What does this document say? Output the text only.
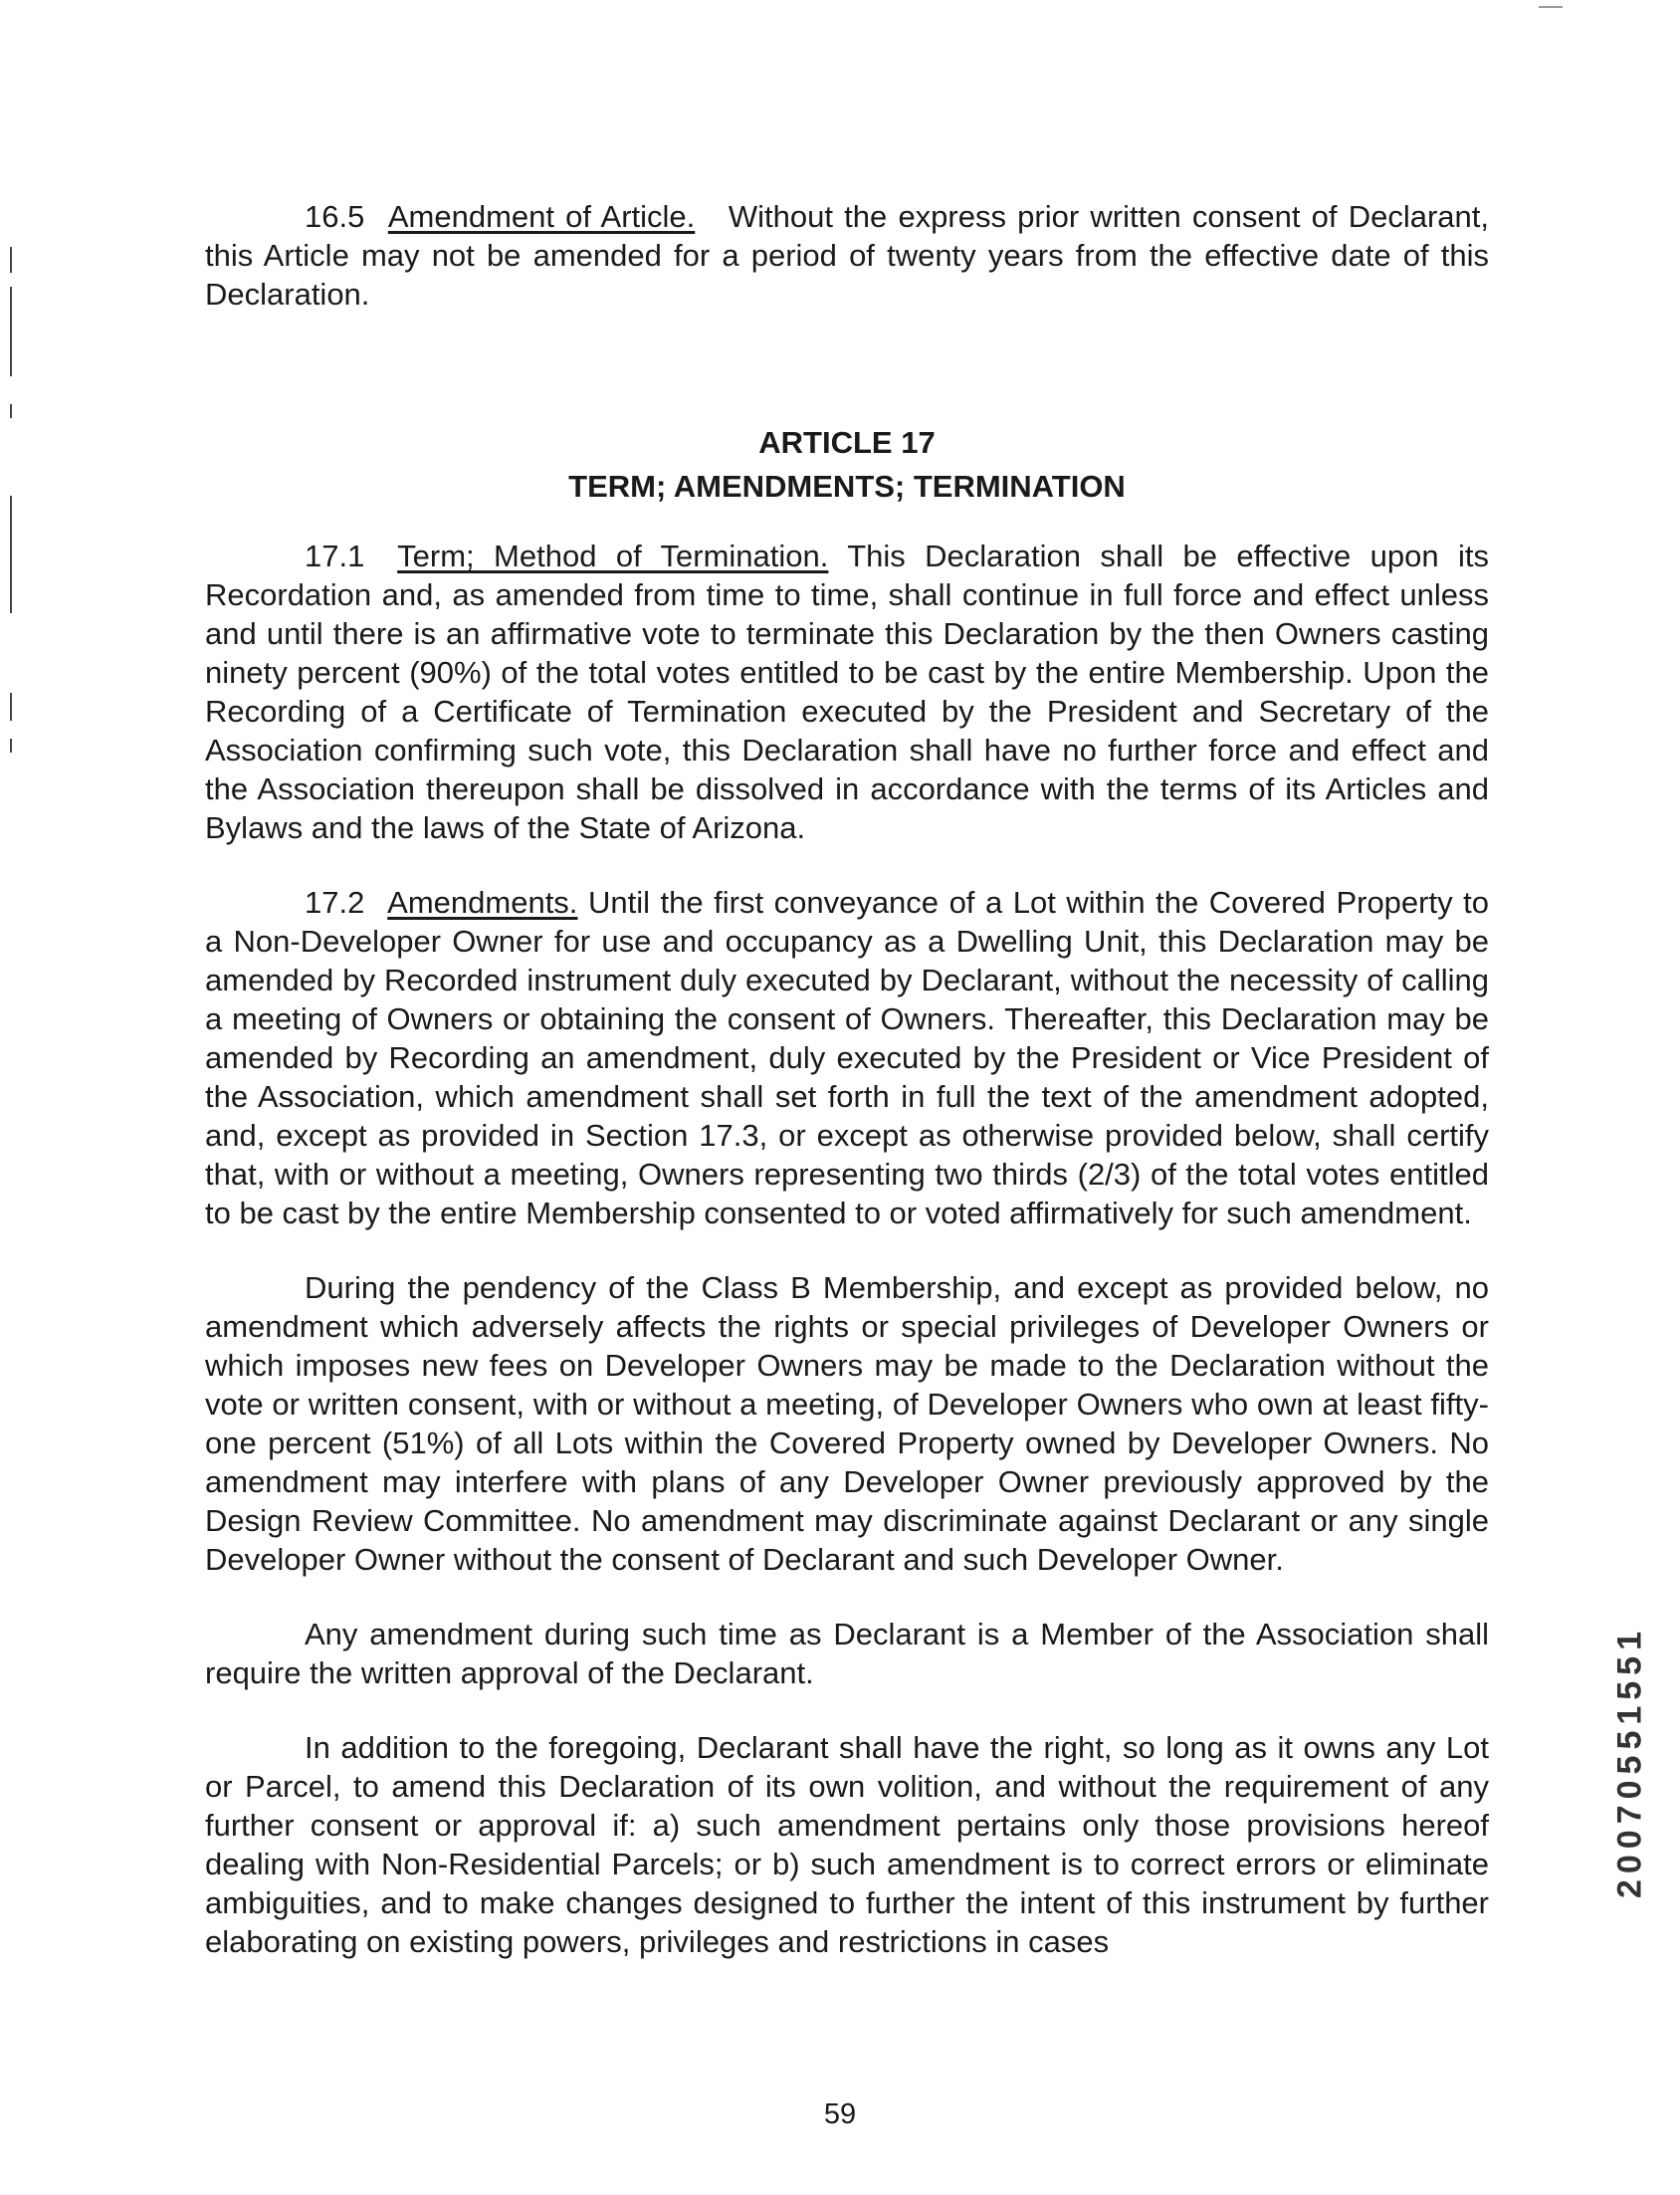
16.5 Amendment of Article. Without the express prior written consent of Declarant, this Article may not be amended for a period of twenty years from the effective date of this Declaration.

ARTICLE 17
TERM; AMENDMENTS; TERMINATION

17.1 Term; Method of Termination. This Declaration shall be effective upon its Recordation and, as amended from time to time, shall continue in full force and effect unless and until there is an affirmative vote to terminate this Declaration by the then Owners casting ninety percent (90%) of the total votes entitled to be cast by the entire Membership. Upon the Recording of a Certificate of Termination executed by the President and Secretary of the Association confirming such vote, this Declaration shall have no further force and effect and the Association thereupon shall be dissolved in accordance with the terms of its Articles and Bylaws and the laws of the State of Arizona.

17.2 Amendments. Until the first conveyance of a Lot within the Covered Property to a Non-Developer Owner for use and occupancy as a Dwelling Unit, this Declaration may be amended by Recorded instrument duly executed by Declarant, without the necessity of calling a meeting of Owners or obtaining the consent of Owners. Thereafter, this Declaration may be amended by Recording an amendment, duly executed by the President or Vice President of the Association, which amendment shall set forth in full the text of the amendment adopted, and, except as provided in Section 17.3, or except as otherwise provided below, shall certify that, with or without a meeting, Owners representing two thirds (2/3) of the total votes entitled to be cast by the entire Membership consented to or voted affirmatively for such amendment.

During the pendency of the Class B Membership, and except as provided below, no amendment which adversely affects the rights or special privileges of Developer Owners or which imposes new fees on Developer Owners may be made to the Declaration without the vote or written consent, with or without a meeting, of Developer Owners who own at least fifty-one percent (51%) of all Lots within the Covered Property owned by Developer Owners. No amendment may interfere with plans of any Developer Owner previously approved by the Design Review Committee. No amendment may discriminate against Declarant or any single Developer Owner without the consent of Declarant and such Developer Owner.

Any amendment during such time as Declarant is a Member of the Association shall require the written approval of the Declarant.

In addition to the foregoing, Declarant shall have the right, so long as it owns any Lot or Parcel, to amend this Declaration of its own volition, and without the requirement of any further consent or approval if: a) such amendment pertains only those provisions hereof dealing with Non-Residential Parcels; or b) such amendment is to correct errors or eliminate ambiguities, and to make changes designed to further the intent of this instrument by further elaborating on existing powers, privileges and restrictions in cases

20070551551
59
